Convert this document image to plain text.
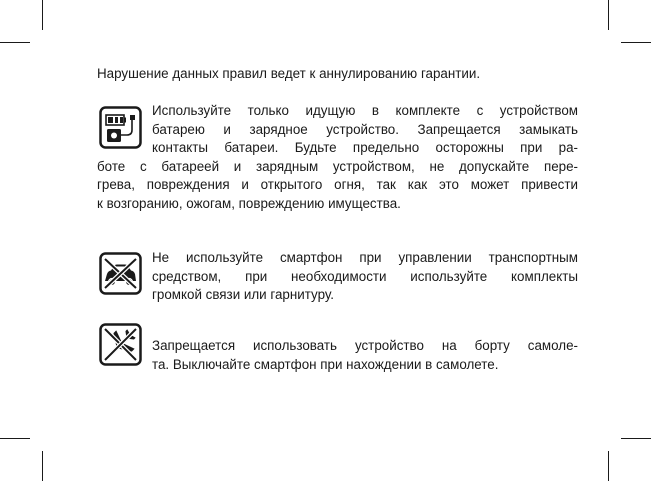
Нарушение данных правил ведет к аннулированию гарантии.
Используйте только идущую в комплекте с устройством
батарею и зарядное устройство. Запрещается замыкать
контакты батареи. Будьте предельно осторожны при ра-
боте с батареей и зарядным устройством, не допускайте пере-
грева, повреждения и открытого огня, так как это может привести
к возгоранию, ожогам, повреждению имущества.
Не используйте смартфон при управлении транспортным
средством, при необходимости используйте комплекты
громкой связи или гарнитуру.
Запрещается использовать устройство на борту самоле-
та. Выключайте смартфон при нахождении в самолете.
